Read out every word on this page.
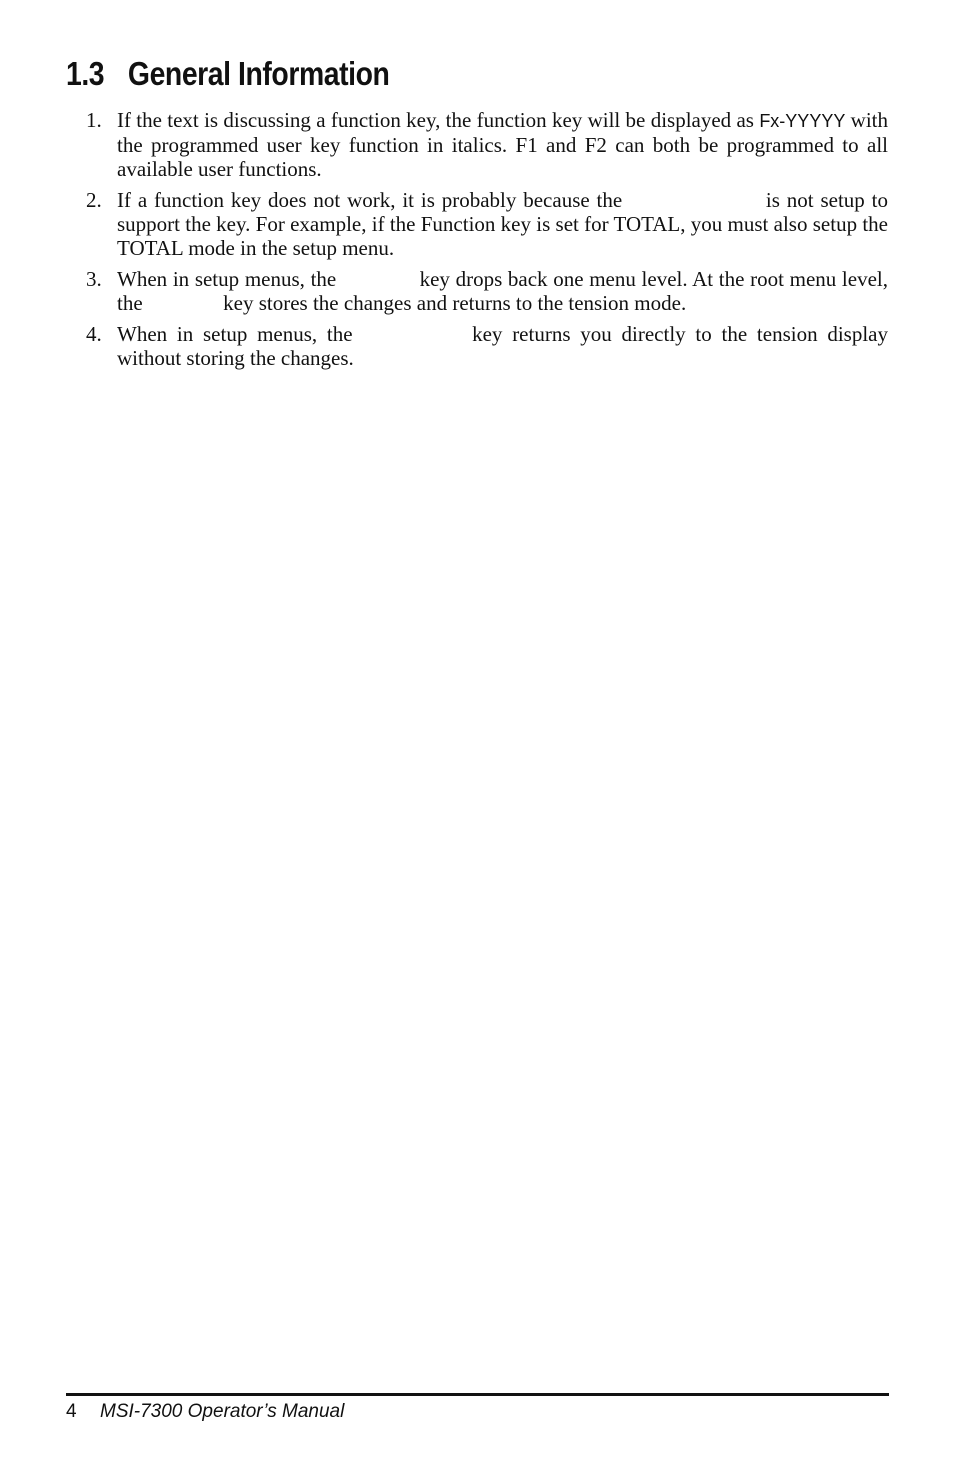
1.3 General Information
1. If the text is discussing a function key, the function key will be displayed as Fx-YYYYY with the programmed user key function in italics. F1 and F2 can both be programmed to all available user functions.
2. If a function key does not work, it is probably because the	is not setup to support the key. For example, if the Function key is set for TOTAL, you must also setup the TOTAL mode in the setup menu.
3. When in setup menus, the	key drops back one menu level. At the root menu level, the	key stores the changes and returns to the tension mode.
4. When in setup menus, the	key returns you directly to the tension display without storing the changes.
4 MSI-7300 Operator’s Manual
